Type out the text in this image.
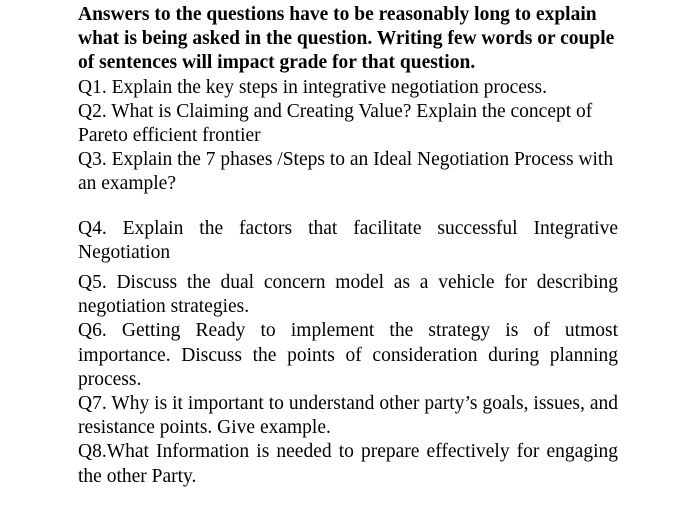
Answers to the questions have to be reasonably long to explain what is being asked in the question. Writing few words or couple of sentences will impact grade for that question.

Q1. Explain the key steps in integrative negotiation process.

Q2. What is Claiming and Creating Value? Explain the concept of Pareto efficient frontier

Q3. Explain the 7 phases /Steps to an Ideal Negotiation Process with an example?

Q4. Explain the factors that facilitate successful Integrative

Negotiation

Q5. Discuss the dual concern model as a vehicle for describing negotiation strategies.

Q6. Getting Ready to implement the strategy is of utmost importance. Discuss the points of consideration during planning process.

Q7. Why is it important to understand other party’s goals, issues, and resistance points. Give example.

Q8.What Information is needed to prepare effectively for engaging the other Party.
